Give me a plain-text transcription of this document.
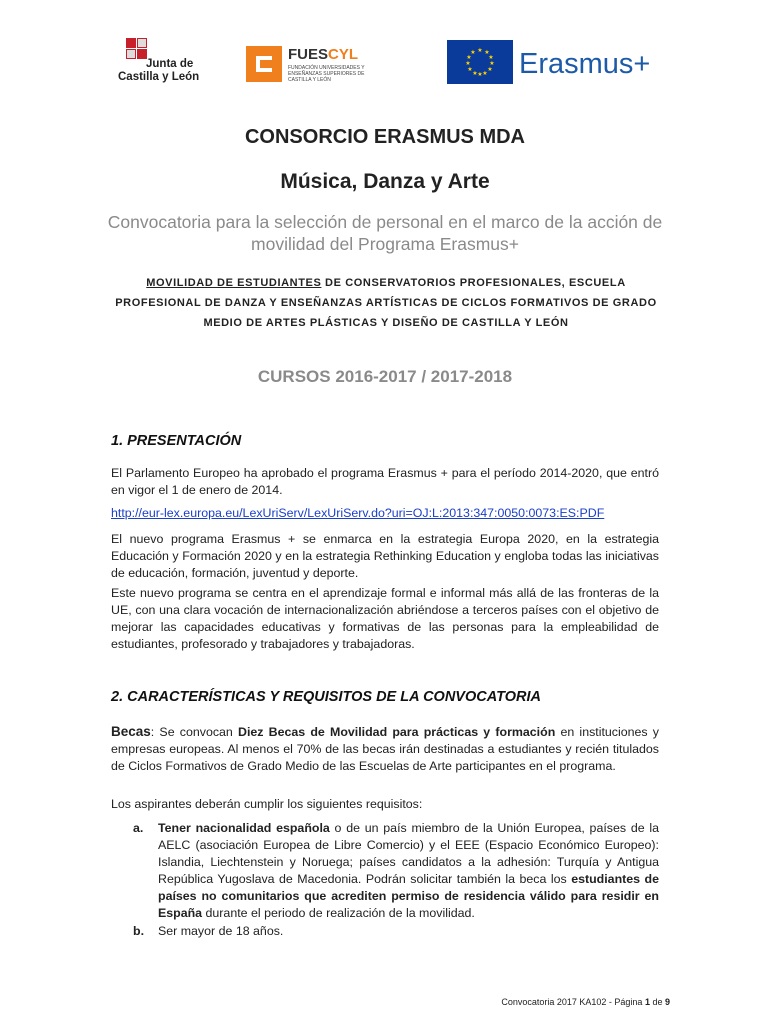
Junta de
Castilla y León
FUESCYL
FUNDACIÓN UNIVERSIDADES Y ENSEÑANZAS SUPERIORES DE CASTILLA Y LEÓN
★ ★
★
★
★
★
★
★
★
★
★
★ Erasmus+
CONSORCIO ERASMUS MDA
Música, Danza y Arte
Convocatoria para la selección de personal en el marco de la acción de movilidad del Programa Erasmus+
MOVILIDAD DE ESTUDIANTES DE CONSERVATORIOS PROFESIONALES, ESCUELA PROFESIONAL DE DANZA Y ENSEÑANZAS ARTÍSTICAS DE CICLOS FORMATIVOS DE GRADO MEDIO DE ARTES PLÁSTICAS Y DISEÑO DE CASTILLA Y LEÓN
CURSOS 2016-2017 / 2017-2018
1. PRESENTACIÓN
El Parlamento Europeo ha aprobado el programa Erasmus + para el período 2014-2020, que entró en vigor el 1 de enero de 2014.
http://eur-lex.europa.eu/LexUriServ/LexUriServ.do?uri=OJ:L:2013:347:0050:0073:ES:PDF
El nuevo programa Erasmus + se enmarca en la estrategia Europa 2020, en la estrategia Educación y Formación 2020 y en la estrategia Rethinking Education y engloba todas las iniciativas de educación, formación, juventud y deporte.
Este nuevo programa se centra en el aprendizaje formal e informal más allá de las fronteras de la UE, con una clara vocación de internacionalización abriéndose a terceros países con el objetivo de mejorar las capacidades educativas y formativas de las personas para la empleabilidad de estudiantes, profesorado y trabajadores y trabajadoras.
2. CARACTERÍSTICAS Y REQUISITOS DE LA CONVOCATORIA
Becas: Se convocan Diez Becas de Movilidad para prácticas y formación en instituciones y empresas europeas. Al menos el 70% de las becas irán destinadas a estudiantes y recién titulados de Ciclos Formativos de Grado Medio de las Escuelas de Arte participantes en el programa.
Los aspirantes deberán cumplir los siguientes requisitos:
a. Tener nacionalidad española o de un país miembro de la Unión Europea, países de la AELC (asociación Europea de Libre Comercio) y el EEE (Espacio Económico Europeo): Islandia, Liechtenstein y Noruega; países candidatos a la adhesión: Turquía y Antigua República Yugoslava de Macedonia. Podrán solicitar también la beca los estudiantes de países no comunitarios que acrediten permiso de residencia válido para residir en España durante el periodo de realización de la movilidad.
b. Ser mayor de 18 años.
Convocatoria 2017 KA102 - Página 1 de 9
